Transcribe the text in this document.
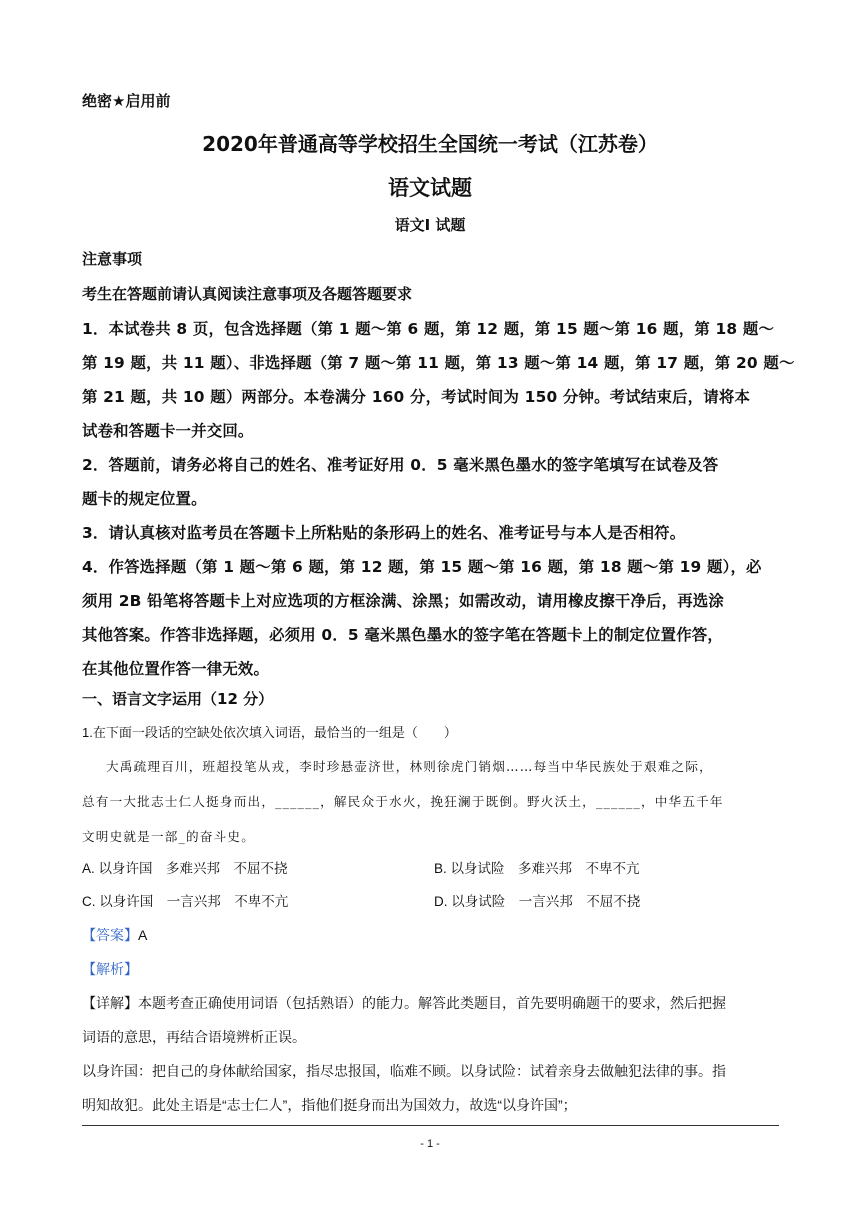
绝密★启用前
2020年普通高等学校招生全国统一考试（江苏卷）
语文试题
语文Ⅰ 试题
注意事项
考生在答题前请认真阅读注意事项及各题答题要求
1．本试卷共 8 页，包含选择题（第 1 题～第 6 题，第 12 题，第 15 题～第 16 题，第 18 题～
第 19 题，共 11 题）、非选择题（第 7 题～第 11 题，第 13 题～第 14 题，第 17 题，第 20 题～
第 21 题，共 10 题）两部分。本卷满分 160 分，考试时间为 150 分钟。考试结束后，请将本
试卷和答题卡一并交回。
2．答题前，请务必将自己的姓名、准考证好用 0．5 毫米黑色墨水的签字笔填写在试卷及答
题卡的规定位置。
3．请认真核对监考员在答题卡上所粘贴的条形码上的姓名、准考证号与本人是否相符。
4．作答选择题（第 1 题～第 6 题，第 12 题，第 15 题～第 16 题，第 18 题～第 19 题），必
须用 2B 铅笔将答题卡上对应选项的方框涂满、涂黑；如需改动，请用橡皮擦干净后，再选涂
其他答案。作答非选择题，必须用 0．5 毫米黑色墨水的签字笔在答题卡上的制定位置作答，
在其他位置作答一律无效。
一、语言文字运用（12 分）
1.在下面一段话的空缺处依次填入词语，最恰当的一组是（　　）
大禹疏理百川，班超投笔从戎，李时珍悬壶济世，林则徐虎门销烟……每当中华民族处于艰难之际，
总有一大批志士仁人挺身而出，______，解民众于水火，挽狂澜于既倒。野火沃土，______，中华五千年
文明史就是一部_的奋斗史。
A. 以身许国　多难兴邦　不屈不挠	B. 以身试险　多难兴邦　不卑不亢
C. 以身许国　一言兴邦　不卑不亢	D. 以身试险　一言兴邦　不屈不挠
【答案】A
【解析】
【详解】本题考查正确使用词语（包括熟语）的能力。解答此类题目，首先要明确题干的要求，然后把握
词语的意思，再结合语境辨析正误。
以身许国：把自己的身体献给国家，指尽忠报国，临难不顾。以身试险：试着亲身去做触犯法律的事。指
明知故犯。此处主语是“志士仁人”，指他们挺身而出为国效力，故选“以身许国”；
- 1 -
